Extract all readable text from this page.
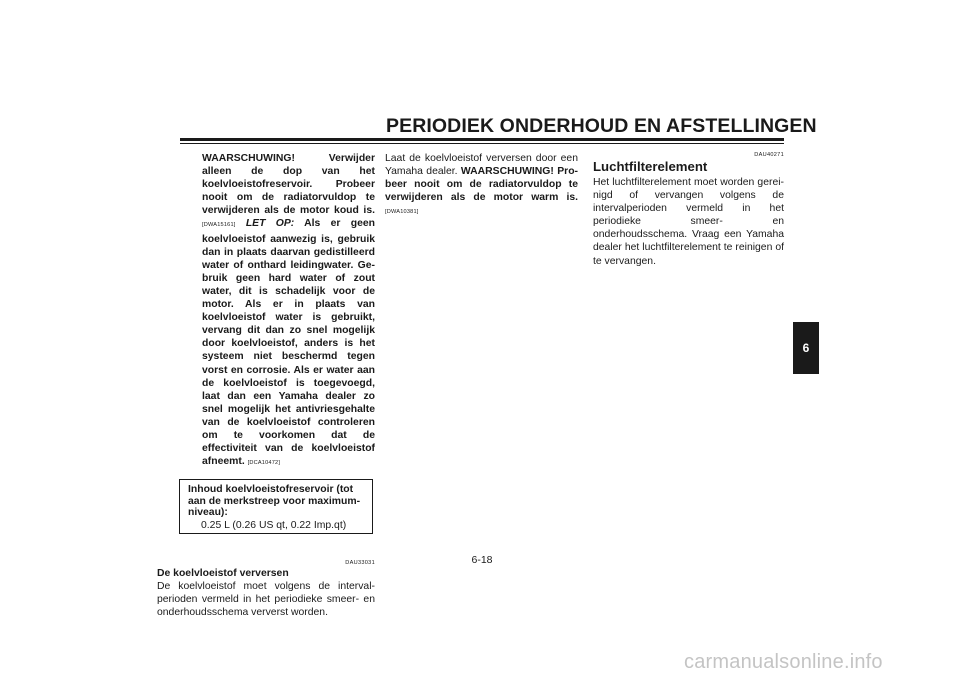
PERIODIEK ONDERHOUD EN AFSTELLINGEN
WAARSCHUWING! Verwijder alleen de dop van het koelvloeistofreservoir. Probeer nooit om de radiatorvuldop te verwijderen als de motor koud is. [DWA15161] LET OP: Als er geen koelvloeistof aanwezig is, gebruik dan in plaats daarvan gedistilleerd water of onthard leidingwater. Gebruik geen hard water of zout water, dit is schadelijk voor de motor. Als er in plaats van koelvloeistof water is gebruikt, vervang dit dan zo snel mogelijk door koelvloeistof, anders is het systeem niet beschermd tegen vorst en corrosie. Als er water aan de koelvloeistof is toegevoegd, laat dan een Yamaha dealer zo snel mogelijk het antivriesgehalte van de koelvloeistof controleren om te voorkomen dat de effectiviteit van de koelvloeistof afneemt. [DCA10472]
Inhoud koelvloeistofreservoir (tot aan de merkstreep voor maximum-niveau):
0.25 L (0.26 US qt, 0.22 Imp.qt)
DAU33031
De koelvloeistof verversen
De koelvloeistof moet volgens de intervalperioden vermeld in het periodieke smeer- en onderhoudsschema ververst worden.
Laat de koelvloeistof verversen door een Yamaha dealer. WAARSCHUWING! Probeer nooit om de radiatorvuldop te verwijderen als de motor warm is. [DWA10381]
DAU40271
Luchtfilterelement
Het luchtfilterelement moet worden gereinigd of vervangen volgens de intervalperioden vermeld in het periodieke smeer- en onderhoudsschema. Vraag een Yamaha dealer het luchtfilterelement te reinigen of te vervangen.
6-18
6
carmanualsonline.info
